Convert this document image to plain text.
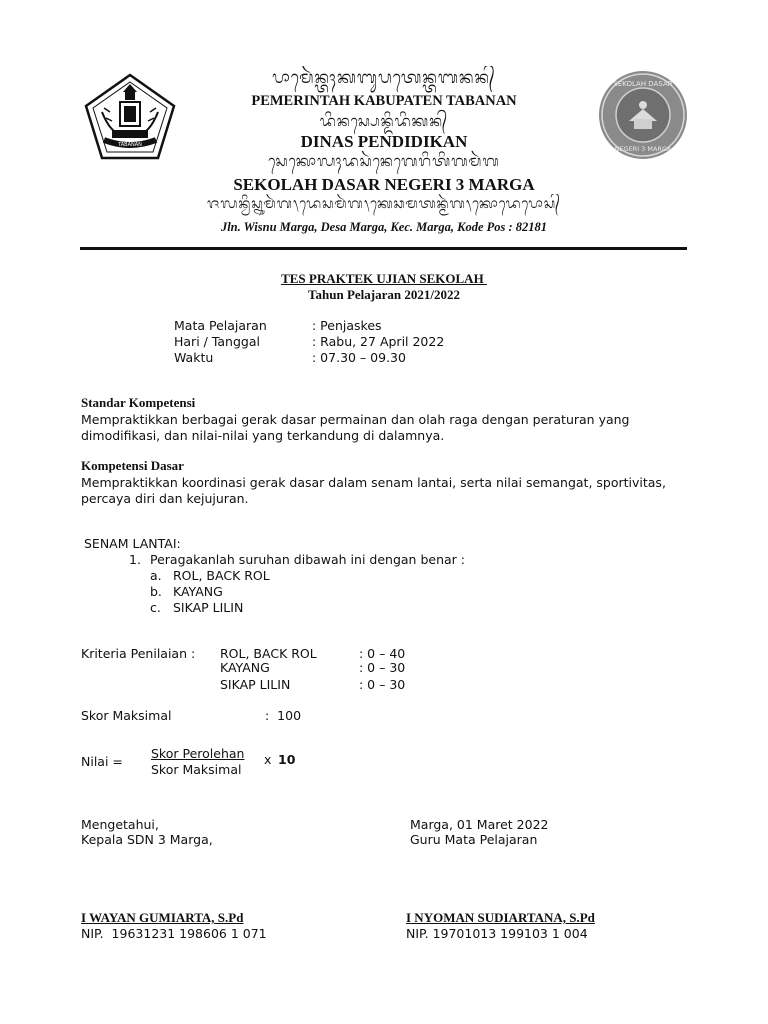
TABANAN
SEKOLAH DASAR
NEGERI 3 MARGA
ᬧᬵᬫᬾᬃᬦ᭄ᬢᬄᬓᬩᬸᬧᬢᬾᬦ᭄ᬢᬩᬦᬦ᭄
PEMERINTAH KABUPATEN TABANAN
ᬤᬶᬦᬲ᭄ᬧᬾᬦ᭄ᬤᬶᬤᬶᬓᬦ᭄
DINAS PENDIDIKAN
ᬲᬾᬓᭀᬮᬄᬤᬲᬃᬦᬾᬕᬾᬭᬶᬢᬶᬕᬫᬃᬕ
SEKOLAH DASAR NEGERI 3 MARGA
ᬚᬮᬦ᭄ᬯᬶᬲ᭄ᬦᬸᬫᬃᬕ᭞ᬤᬾᬲᬫᬃᬕ᭞ᬓᬾᬘᬫᬢᬦ᭄ᬫᬃᬕ᭞ᬓᭀᬤᬾᬧᭀᬲ᭄
Jln. Wisnu Marga, Desa Marga, Kec. Marga, Kode Pos : 82181
TES PRAKTEK UJIAN SEKOLAH
Tahun Pelajaran 2021/2022
Mata Pelajaran	: Penjaskes
Hari / Tanggal	: Rabu, 27 April 2022
Waktu	: 07.30 – 09.30
Standar Kompetensi
Mempraktikkan berbagai gerak dasar permainan dan olah raga dengan peraturan yang
dimodifikasi, dan nilai-nilai yang terkandung di dalamnya.
Kompetensi Dasar
Mempraktikkan koordinasi gerak dasar dalam senam lantai, serta nilai semangat, sportivitas,
percaya diri dan kejujuran.
SENAM LANTAI:
1. Peragakanlah suruhan dibawah ini dengan benar :
a. ROL, BACK ROL
b. KAYANG
c. SIKAP LILIN
Kriteria Penilaian : ROL, BACK ROL	: 0 – 40
KAYANG	: 0 – 30
SIKAP LILIN	: 0 – 30
Skor Maksimal	:  100
Nilai =
Skor Perolehan
Skor Maksimal
x 10
Mengetahui,
Kepala SDN 3 Marga,
I WAYAN GUMIARTA, S.Pd
NIP.  19631231 198606 1 071
Marga, 01 Maret 2022
Guru Mata Pelajaran
I NYOMAN SUDIARTANA, S.Pd
NIP. 19701013 199103 1 004
